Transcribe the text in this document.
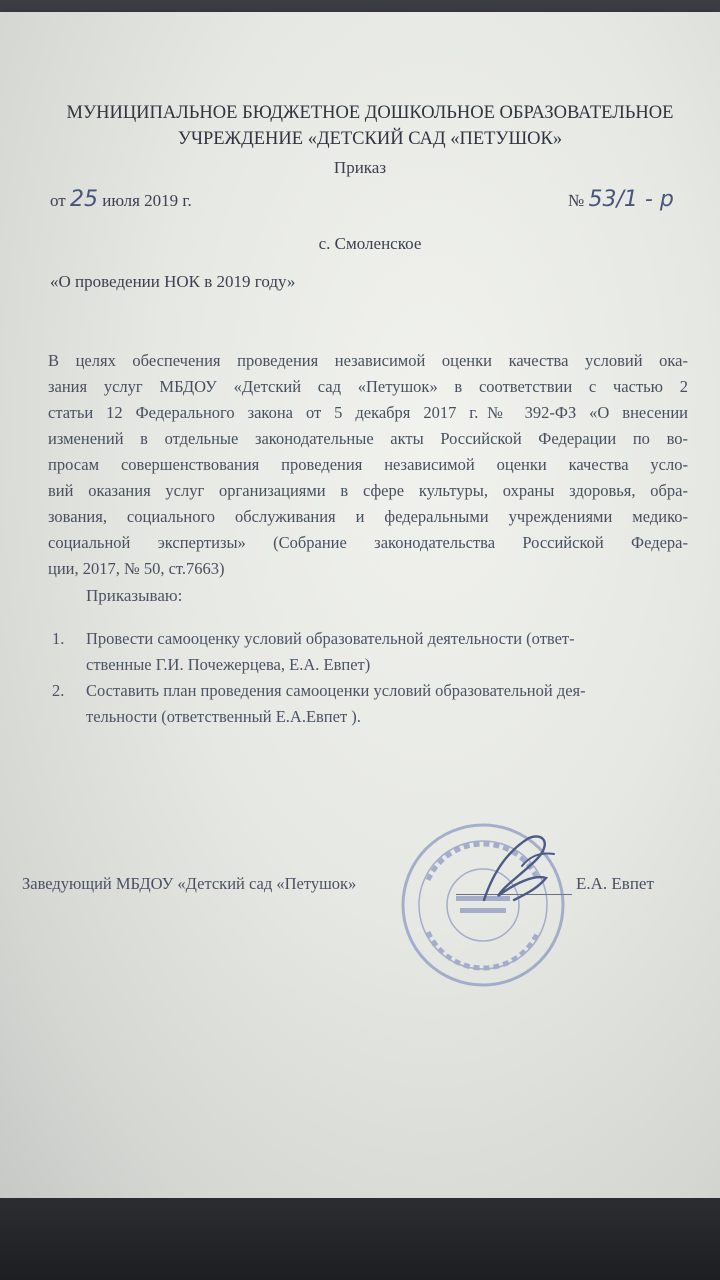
МУНИЦИПАЛЬНОЕ БЮДЖЕТНОЕ ДОШКОЛЬНОЕ ОБРАЗОВАТЕЛЬНОЕ
УЧРЕЖДЕНИЕ «ДЕТСКИЙ САД «ПЕТУШОК»
Приказ
от 25 июля 2019 г.	№ 53/1 - р
с. Смоленское
«О проведении НОК в 2019 году»
В целях обеспечения проведения независимой оценки качества условий ока-
зания услуг МБДОУ «Детский сад «Петушок» в соответствии с частью 2
статьи 12 Федерального закона от 5 декабря 2017 г.№ 392-ФЗ «О внесении
изменений в отдельные законодательные акты Российской Федерации по во-
просам совершенствования проведения независимой оценки качества усло-
вий оказания услуг организациями в сфере культуры, охраны здоровья, обра-
зования, социального обслуживания и федеральными учреждениями медико-
социальной экспертизы» (Собрание законодательства Российской Федера-
ции, 2017, № 50, ст.7663)
Приказываю:
1. Провести самооценку условий образовательной деятельности (ответ-
ственные Г.И. Почежерцева, Е.А. Евпет)
2. Составить план проведения самооценки условий образовательной дея-
тельности (ответственный Е.А.Евпет ).
Заведующий МБДОУ «Детский сад «Петушок»	Е.А. Евпет
